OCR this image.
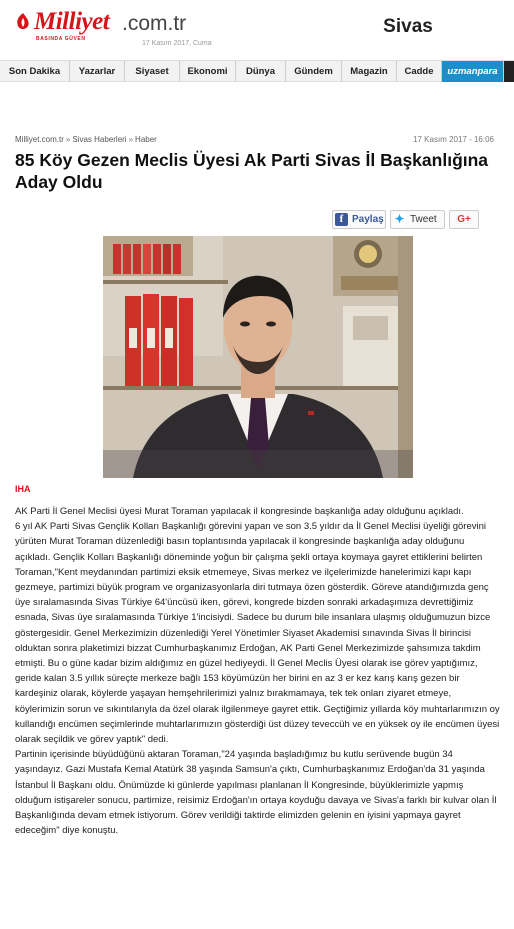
Milliyet .com.tr
BASINDA GÜVEN
17 Kasım 2017, Cuma
Sivas
Son Dakika	Yazarlar	Siyaset	Ekonomi	Dünya	Gündem	Magazin	Cadde	uzmanpara
Milliyet.com.tr » Sivas Haberleri » Haber	17 Kasım 2017 - 16:06
85 Köy Gezen Meclis Üyesi Ak Parti Sivas İl Başkanlığına Aday Oldu
f Paylaş ✦ Tweet	G+
IHA

AK Parti İl Genel Meclisi üyesi Murat Toraman yapılacak il kongresinde başkanlığa aday olduğunu açıkladı.

6 yıl AK Parti Sivas Gençlik Kolları Başkanlığı görevini yapan ve son 3.5 yıldır da İl Genel Meclisi üyeliği görevini yürüten Murat Toraman düzenlediği basın toplantısında yapılacak il kongresinde başkanlığa aday olduğunu açıkladı. Gençlik Kolları Başkanlığı döneminde yoğun bir çalışma şekli ortaya koymaya gayret ettiklerini belirten Toraman,"Kent meydanından partimizi eksik etmemeye, Sivas merkez ve ilçelerimizde hanelerimizi kapı kapı gezmeye, partimizi büyük program ve organizasyonlarla diri tutmaya özen gösterdik. Göreve atandığımızda genç üye sıralamasında Sivas Türkiye 64'üncüsü iken, görevi, kongrede bizden sonraki arkadaşımıza devrettiğimiz esnada, Sivas üye sıralamasında Türkiye 1'incisiydi. Sadece bu durum bile insanlara ulaşmış olduğumuzun bizce göstergesidir. Genel Merkezimizin düzenlediği Yerel Yönetimler Siyaset Akademisi sınavında Sivas İl birincisi olduktan sonra plaketimizi bizzat Cumhurbaşkanımız Erdoğan, AK Parti Genel Merkezimizde şahsımıza takdim etmişti. Bu o güne kadar bizim aldığımız en güzel hediyeydi. İl Genel Meclis Üyesi olarak ise görev yaptığımız, geride kalan 3.5 yıllık süreçte merkeze bağlı 153 köyümüzün her birini en az 3 er kez karış karış gezen bir kardeşiniz olarak, köylerde yaşayan hemşehrilerimizi yalnız bırakmamaya, tek tek onları ziyaret etmeye, köylerimizin sorun ve sıkıntılarıyla da özel olarak ilgilenmeye gayret ettik. Geçtiğimiz yıllarda köy muhtarlarımızın oy kullandığı encümen seçimlerinde muhtarlarımızın gösterdiği üst düzey teveccüh ve en yüksek oy ile encümen üyesi olarak seçildik ve görev yaptık" dedi.

Partinin içerisinde büyüdüğünü aktaran Toraman,"24 yaşında başladığımız bu kutlu serüvende bugün 34 yaşındayız. Gazi Mustafa Kemal Atatürk 38 yaşında Samsun'a çıktı, Cumhurbaşkanımız Erdoğan'da 31 yaşında İstanbul İl Başkanı oldu. Önümüzde ki günlerde yapılması planlanan İl Kongresinde, büyüklerimizle yapmış olduğum istişareler sonucu, partimize, reisimiz Erdoğan'ın ortaya koyduğu davaya ve Sivas'a farklı bir kulvar olan İl Başkanlığında devam etmek istiyorum. Görev verildiği taktirde elimizden gelenin en iyisini yapmaya gayret edeceğim" diye konuştu.
